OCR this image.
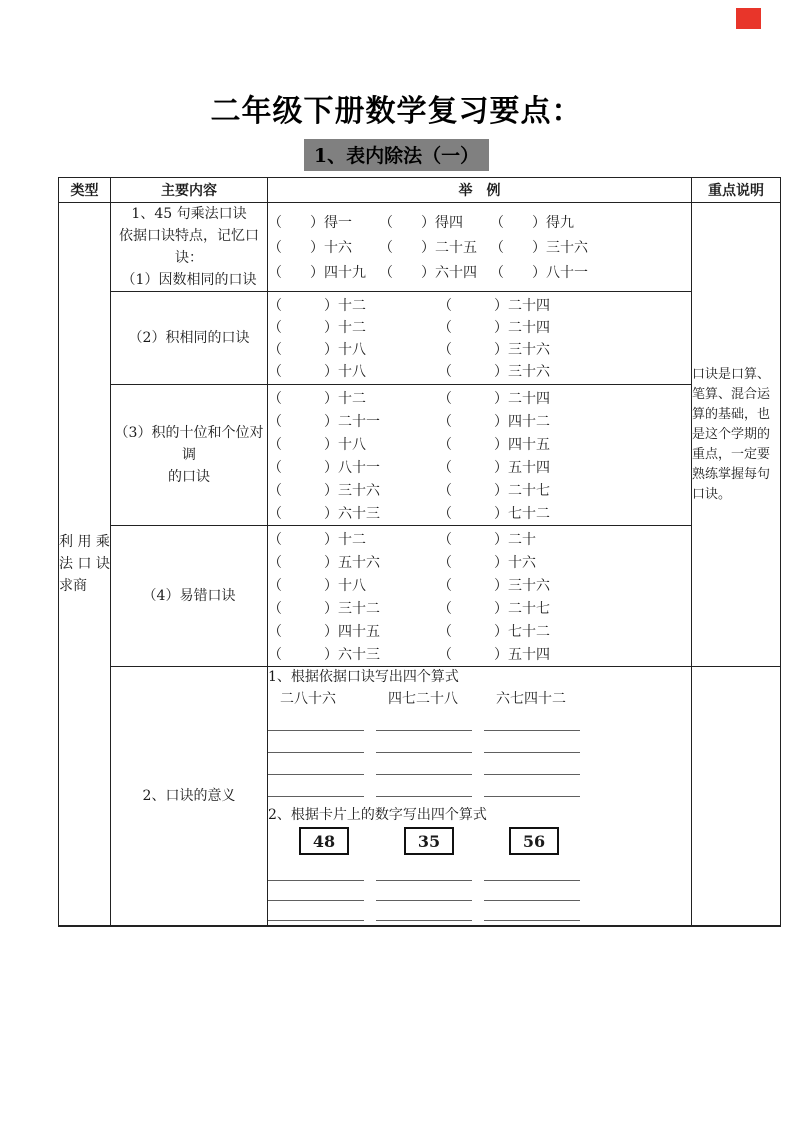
二年级下册数学复习要点：
1、表内除法（一）
类型	主要内容	举　例	重点说明

利 用 乘
法 口 诀
求商

1、45 句乘法口诀
依据口诀特点，记忆口诀：
（1）因数相同的口诀

（　　）得一	（　　）得四	（　　）得九
（　　）十六	（　　）二十五 （　　）三十六
（　　）四十九 （　　）六十四 （　　）八十一
	口诀是口算、笔算、混合运算的基础，也是这个学期的重点，一定要熟练掌握每句口诀。
（2）积相同的口诀	
（　　　）十二	（　　　）二十四
（　　　）十二	（　　　）二十四
（　　　）十八	（　　　）三十六
（　　　）十八	（　　　）三十六

（3）积的十位和个位对调
的口诀

（　　　）十二	（　　　）二十四
（　　　）二十一	（　　　）四十二
（　　　）十八	（　　　）四十五
（　　　）八十一	（　　　）五十四
（　　　）三十六	（　　　）二十七
（　　　）六十三	（　　　）七十二

（4）易错口诀	
（　　　）十二	（　　　）二十
（　　　）五十六	（　　　）十六
（　　　）十八	（　　　）三十六
（　　　）三十二	（　　　）二十七
（　　　）四十五	（　　　）七十二
（　　　）六十三	（　　　）五十四

2、口诀的意义	
1、根据依据口诀写出四个算式
二八十六	四七二十八	六七四十二
2、根据卡片上的数字写出四个算式
48	35	56
